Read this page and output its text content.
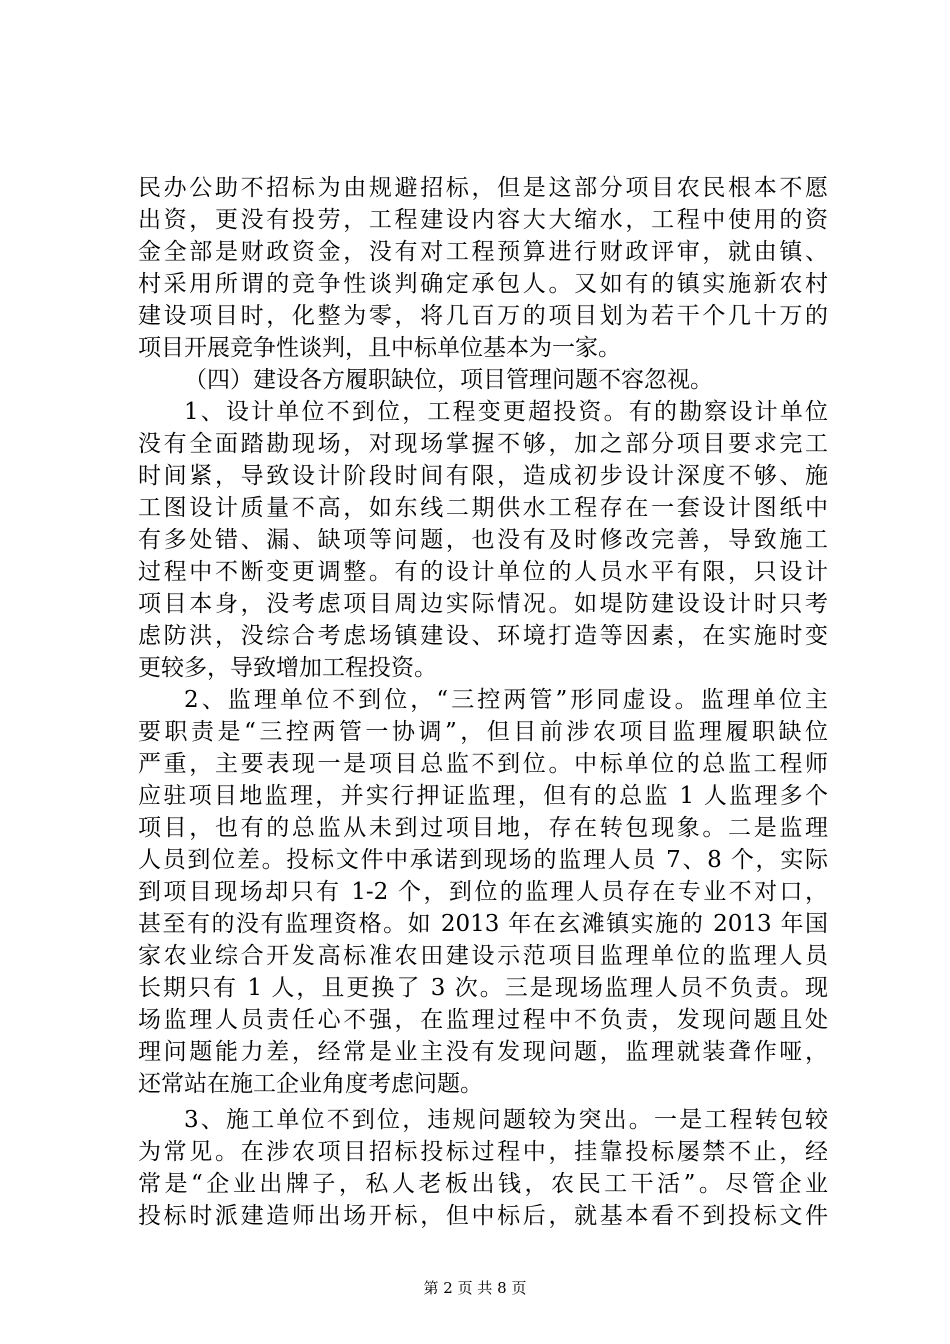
民办公助不招标为由规避招标，但是这部分项目农民根本不愿
出资，更没有投劳，工程建设内容大大缩水，工程中使用的资
金全部是财政资金，没有对工程预算进行财政评审，就由镇、
村采用所谓的竞争性谈判确定承包人。又如有的镇实施新农村
建设项目时，化整为零，将几百万的项目划为若干个几十万的
项目开展竞争性谈判，且中标单位基本为一家。
（四）建设各方履职缺位，项目管理问题不容忽视。
1、设计单位不到位，工程变更超投资。有的勘察设计单位
没有全面踏勘现场，对现场掌握不够，加之部分项目要求完工
时间紧，导致设计阶段时间有限，造成初步设计深度不够、施
工图设计质量不高，如东线二期供水工程存在一套设计图纸中
有多处错、漏、缺项等问题，也没有及时修改完善，导致施工
过程中不断变更调整。有的设计单位的人员水平有限，只设计
项目本身，没考虑项目周边实际情况。如堤防建设设计时只考
虑防洪，没综合考虑场镇建设、环境打造等因素，在实施时变
更较多，导致增加工程投资。
2、监理单位不到位，“三控两管”形同虚设。监理单位主
要职责是“三控两管一协调”，但目前涉农项目监理履职缺位
严重，主要表现一是项目总监不到位。中标单位的总监工程师
应驻项目地监理，并实行押证监理，但有的总监 1 人监理多个
项目，也有的总监从未到过项目地，存在转包现象。二是监理
人员到位差。投标文件中承诺到现场的监理人员 7、8 个，实际
到项目现场却只有 1-2 个，到位的监理人员存在专业不对口，
甚至有的没有监理资格。如 2013 年在玄滩镇实施的 2013 年国
家农业综合开发高标准农田建设示范项目监理单位的监理人员
长期只有 1 人，且更换了 3 次。三是现场监理人员不负责。现
场监理人员责任心不强，在监理过程中不负责，发现问题且处
理问题能力差，经常是业主没有发现问题，监理就装聋作哑，
还常站在施工企业角度考虑问题。
3、施工单位不到位，违规问题较为突出。一是工程转包较
为常见。在涉农项目招标投标过程中，挂靠投标屡禁不止，经
常是“企业出牌子，私人老板出钱，农民工干活”。尽管企业
投标时派建造师出场开标，但中标后，就基本看不到投标文件
第 2 页 共 8 页
